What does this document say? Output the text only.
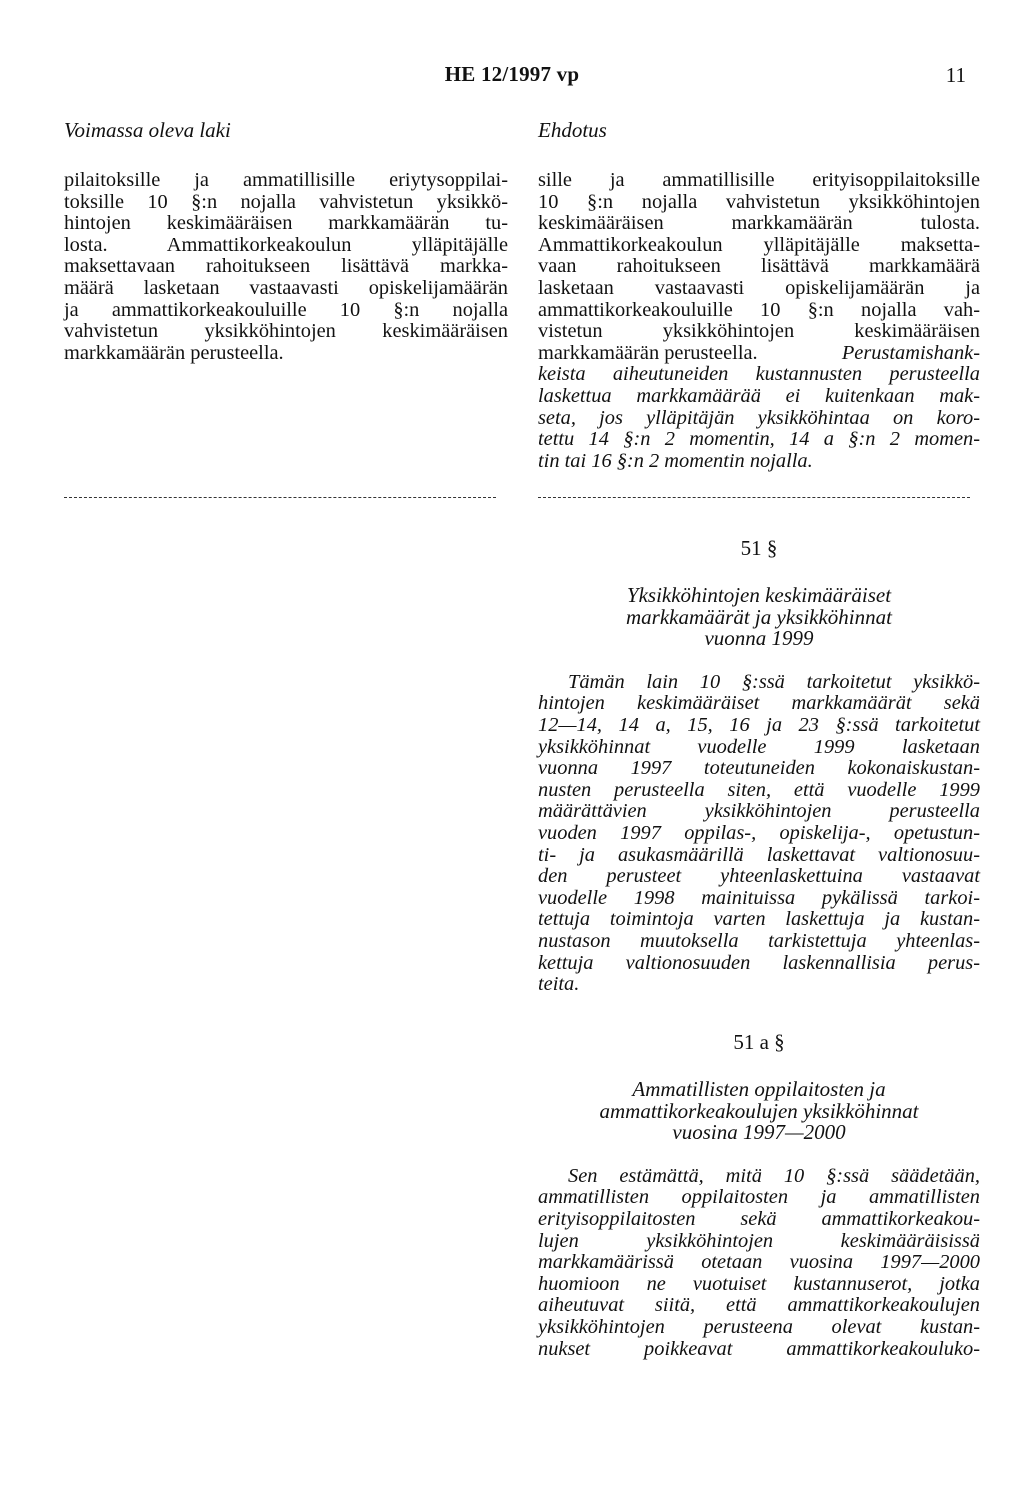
HE 12/1997 vp	11
Voimassa oleva laki	Ehdotus
pilaitoksille ja ammatillisille eriytysoppilai-
toksille 10 §:n nojalla vahvistetun yksikkö-
hintojen keskimääräisen markkamäärän tu-
losta. Ammattikorkeakoulun ylläpitäjälle
maksettavaan rahoitukseen lisättävä markka-
määrä lasketaan vastaavasti opiskelijamäärän
ja ammattikorkeakouluille 10 §:n nojalla
vahvistetun yksikköhintojen keskimääräisen
markkamäärän perusteella.
sille ja ammatillisille erityisoppilaitoksille
10 §:n nojalla vahvistetun yksikköhintojen
keskimääräisen markkamäärän tulosta.
Ammattikorkeakoulun ylläpitäjälle maksetta-
vaan rahoitukseen lisättävä markkamäärä
lasketaan vastaavasti opiskelijamäärän ja
ammattikorkeakouluille 10 §:n nojalla vah-
vistetun yksikköhintojen keskimääräisen
markkamäärän perusteella.	Perustamishank-
keista aiheutuneiden kustannusten perusteella
laskettua markkamäärää ei kuitenkaan mak-
seta, jos ylläpitäjän yksikköhintaa on koro-
tettu 14 §:n 2 momentin, 14 a §:n 2 momen-
tin tai 16 §:n 2 momentin nojalla.
51 §
Yksikköhintojen keskimääräiset
markkamäärät ja yksikköhinnat
vuonna 1999
Tämän lain 10 §:ssä tarkoitetut yksikkö-
hintojen keskimääräiset markkamäärät sekä
12—14, 14 a, 15, 16 ja 23 §:ssä tarkoitetut
yksikköhinnat vuodelle 1999 lasketaan
vuonna 1997 toteutuneiden kokonaiskustan-
nusten perusteella siten, että vuodelle 1999
määrättävien yksikköhintojen perusteella
vuoden 1997 oppilas-, opiskelija-, opetustun-
ti- ja asukasmäärillä laskettavat valtionosuu-
den perusteet yhteenlaskettuina vastaavat
vuodelle 1998 mainituissa pykälissä tarkoi-
tettuja toimintoja varten laskettuja ja kustan-
nustason muutoksella tarkistettuja yhteenlas-
kettuja valtionosuuden laskennallisia perus-
teita.
51 a §
Ammatillisten oppilaitosten ja
ammattikorkeakoulujen yksikköhinnat
vuosina 1997—2000
Sen estämättä, mitä 10 §:ssä säädetään,
ammatillisten oppilaitosten ja ammatillisten
erityisoppilaitosten sekä ammattikorkeakou-
lujen yksikköhintojen keskimääräisissä
markkamäärissä otetaan vuosina 1997—2000
huomioon ne vuotuiset kustannuserot, jotka
aiheutuvat siitä, että ammattikorkeakoulujen
yksikköhintojen perusteena olevat kustan-
nukset poikkeavat ammattikorkeakouluko-
